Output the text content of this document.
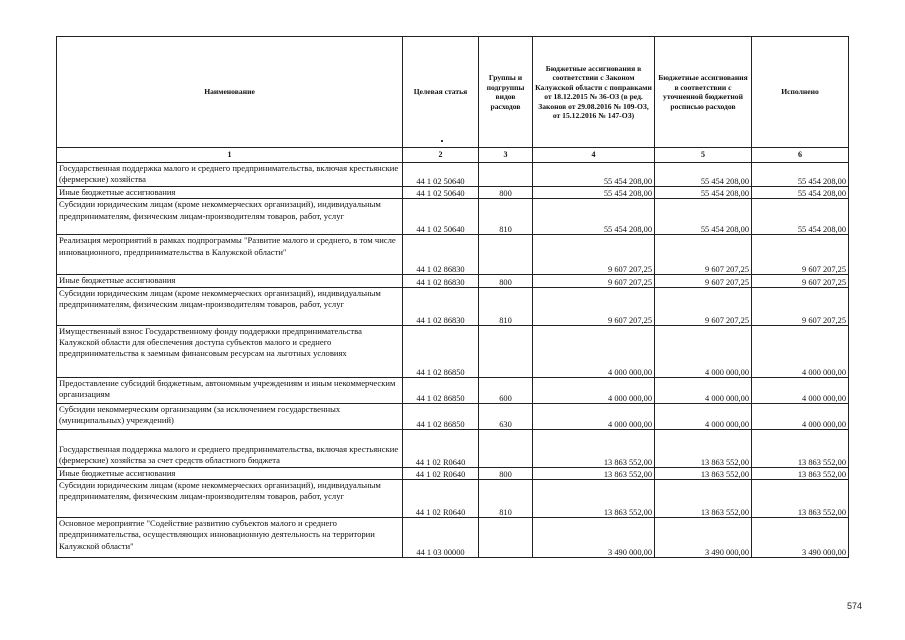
Наименование	Целевая статья	Группы и подгруппы видов расходов	Бюджетные ассигнования в соответствии с Законом Калужской области с поправками от 18.12.2015 № 36-ОЗ (в ред. Законов от 29.08.2016 № 109-ОЗ, от 15.12.2016 № 147-ОЗ)	Бюджетные ассигнования в соответствии с уточненной бюджетной росписью расходов	Исполнено
1	2	3	4	5	6
Государственная поддержка малого и среднего предпринимательства, включая крестьянские (фермерские) хозяйства	44 1 02 50640		55 454 208,00	55 454 208,00	55 454 208,00
Иные бюджетные ассигнования	44 1 02 50640	800	55 454 208,00	55 454 208,00	55 454 208,00
Субсидии юридическим лицам (кроме некоммерческих организаций), индивидуальным предпринимателям, физическим лицам-производителям товаров, работ, услуг	44 1 02 50640	810	55 454 208,00	55 454 208,00	55 454 208,00
Реализация мероприятий в рамках подпрограммы "Развитие малого и среднего, в том числе инновационного, предпринимательства в Калужской области"	44 1 02 86830		9 607 207,25	9 607 207,25	9 607 207,25
Иные бюджетные ассигнования	44 1 02 86830	800	9 607 207,25	9 607 207,25	9 607 207,25
Субсидии юридическим лицам (кроме некоммерческих организаций), индивидуальным предпринимателям, физическим лицам-производителям товаров, работ, услуг	44 1 02 86830	810	9 607 207,25	9 607 207,25	9 607 207,25
Имущественный взнос Государственному фонду поддержки предпринимательства Калужской области для обеспечения доступа субъектов малого и среднего предпринимательства к заемным финансовым ресурсам на льготных условиях	44 1 02 86850		4 000 000,00	4 000 000,00	4 000 000,00
Предоставление субсидий бюджетным, автономным учреждениям и иным некоммерческим организациям	44 1 02 86850	600	4 000 000,00	4 000 000,00	4 000 000,00
Субсидии некоммерческим организациям (за исключением государственных (муниципальных) учреждений)	44 1 02 86850	630	4 000 000,00	4 000 000,00	4 000 000,00
Государственная поддержка малого и среднего предпринимательства, включая крестьянские (фермерские) хозяйства за счет средств областного бюджета	44 1 02 R0640		13 863 552,00	13 863 552,00	13 863 552,00
Иные бюджетные ассигнования	44 1 02 R0640	800	13 863 552,00	13 863 552,00	13 863 552,00
Субсидии юридическим лицам (кроме некоммерческих организаций), индивидуальным предпринимателям, физическим лицам-производителям товаров, работ, услуг	44 1 02 R0640	810	13 863 552,00	13 863 552,00	13 863 552,00
Основное мероприятие "Содействие развитию субъектов малого и среднего предпринимательства, осуществляющих инновационную деятельность на территории Калужской области"	44 1 03 00000		3 490 000,00	3 490 000,00	3 490 000,00
574
